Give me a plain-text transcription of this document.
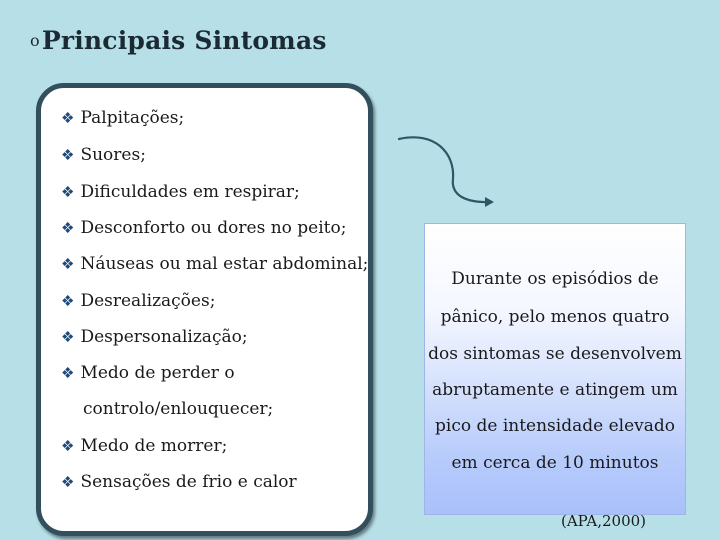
oPrincipais Sintomas
❖ Palpitações;
❖ Suores;
❖ Dificuldades em respirar;
❖ Desconforto ou dores no peito;
❖ Náuseas ou mal estar abdominal;
❖ Desrealizações;
❖ Despersonalização;
❖ Medo de perder o
controlo/enlouquecer;
❖ Medo de morrer;
❖ Sensações de frio e calor
Durante os episódios de
pânico, pelo menos quatro
dos sintomas se desenvolvem
abruptamente e atingem um
pico de intensidade elevado
em cerca de 10 minutos
(APA,2000)
